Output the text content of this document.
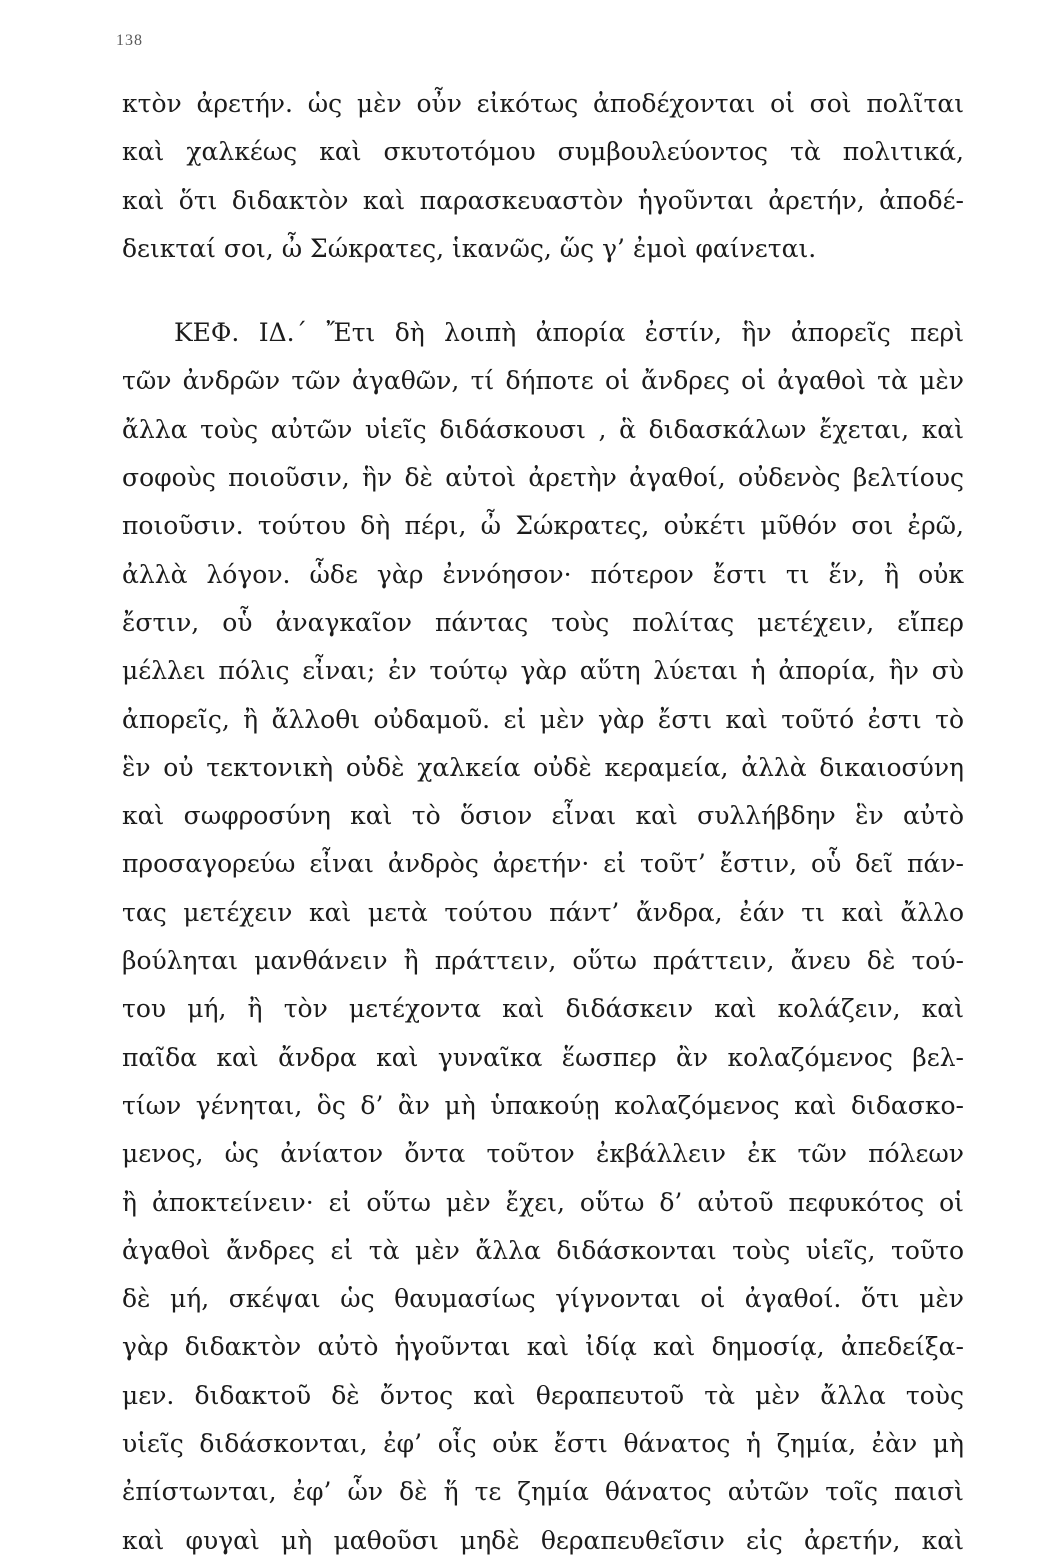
138
κτὸν ἀρετήν. ὡς μὲν οὖν εἰκότως ἀποδέχονται οἱ σοὶ πολῖται
καὶ χαλκέως καὶ σκυτοτόμου συμβουλεύοντος τὰ πολιτικά,
καὶ ὅτι διδακτὸν καὶ παρασκευαστὸν ἡγοῦνται ἀρετήν, ἀποδέ-
δεικταί σοι, ὦ Σώκρατες, ἱκανῶς, ὥς γ’ ἐμοὶ φαίνεται.
ΚΕΦ. ΙΔ.΄ Ἔτι δὴ λοιπὴ ἀπορία ἐστίν, ἣν ἀπορεῖς περὶ
τῶν ἀνδρῶν τῶν ἀγαθῶν, τί δήποτε οἱ ἄνδρες οἱ ἀγαθοὶ τὰ μὲν
ἄλλα τοὺς αὐτῶν υἱεῖς διδάσκουσι , ἃ διδασκάλων ἔχεται, καὶ
σοφοὺς ποιοῦσιν, ἣν δὲ αὐτοὶ ἀρετὴν ἀγαθοί, οὐδενὸς βελτίους
ποιοῦσιν. τούτου δὴ πέρι, ὦ Σώκρατες, οὐκέτι μῦθόν σοι ἐρῶ,
ἀλλὰ λόγον. ὧδε γὰρ ἐννόησον· πότερον ἔστι τι ἕν, ἢ οὐκ
ἔστιν, οὗ ἀναγκαῖον πάντας τοὺς πολίτας μετέχειν, εἴπερ
μέλλει πόλις εἶναι; ἐν τούτῳ γὰρ αὕτη λύεται ἡ ἀπορία, ἣν σὺ
ἀπορεῖς, ἢ ἄλλοθι οὐδαμοῦ. εἰ μὲν γὰρ ἔστι καὶ τοῦτό ἐστι τὸ
ἓν οὐ τεκτονικὴ οὐδὲ χαλκεία οὐδὲ κεραμεία, ἀλλὰ δικαιοσύνη
καὶ σωφροσύνη καὶ τὸ ὅσιον εἶναι καὶ συλλήβδην ἓν αὐτὸ
προσαγορεύω εἶναι ἀνδρὸς ἀρετήν· εἰ τοῦτ’ ἔστιν, οὗ δεῖ πάν-
τας μετέχειν καὶ μετὰ τούτου πάντ’ ἄνδρα, ἐάν τι καὶ ἄλλο
βούληται μανθάνειν ἢ πράττειν, οὕτω πράττειν, ἄνευ δὲ τού-
του μή, ἢ τὸν μετέχοντα καὶ διδάσκειν καὶ κολάζειν, καὶ
παῖδα καὶ ἄνδρα καὶ γυναῖκα ἕωσπερ ἂν κολαζόμενος βελ-
τίων γένηται, ὃς δ’ ἂν μὴ ὑπακούῃ κολαζόμενος καὶ διδασκο-
μενος, ὡς ἀνίατον ὄντα τοῦτον ἐκβάλλειν ἐκ τῶν πόλεων
ἢ ἀποκτείνειν· εἰ οὕτω μὲν ἔχει, οὕτω δ’ αὐτοῦ πεφυκότος οἱ
ἀγαθοὶ ἄνδρες εἰ τὰ μὲν ἄλλα διδάσκονται τοὺς υἱεῖς, τοῦτο
δὲ μή, σκέψαι ὡς θαυμασίως γίγνονται οἱ ἀγαθοί. ὅτι μὲν
γὰρ διδακτὸν αὐτὸ ἡγοῦνται καὶ ἰδίᾳ καὶ δημοσίᾳ, ἀπεδείξα-
μεν. διδακτοῦ δὲ ὄντος καὶ θεραπευτοῦ τὰ μὲν ἄλλα τοὺς
υἱεῖς διδάσκονται, ἐφ’ οἷς οὐκ ἔστι θάνατος ἡ ζημία, ἐὰν μὴ
ἐπίστωνται, ἐφ’ ὧν δὲ ἥ τε ζημία θάνατος αὐτῶν τοῖς παισὶ
καὶ φυγαὶ μὴ μαθοῦσι μηδὲ θεραπευθεῖσιν εἰς ἀρετήν, καὶ
